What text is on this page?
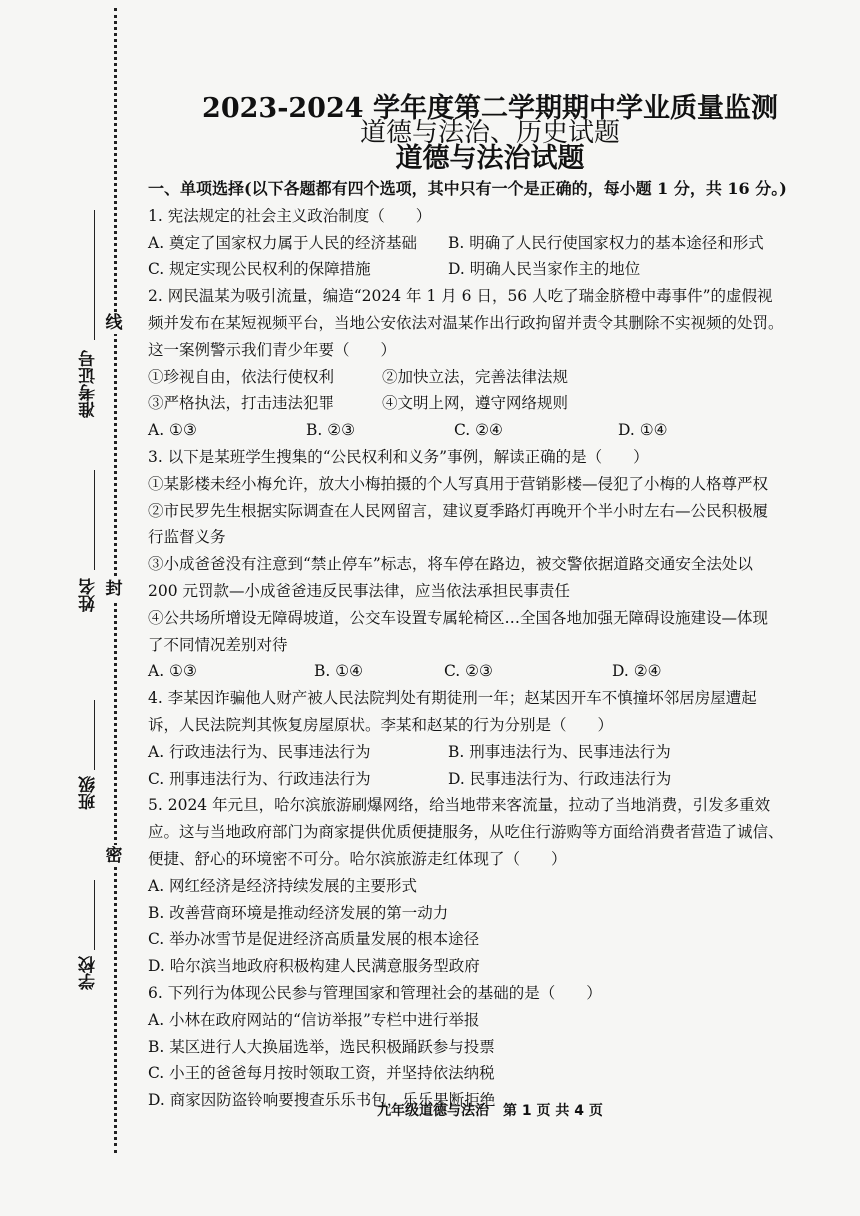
线
封
密
准考证号
姓名
班级
学校
2023-2024 学年度第二学期期中学业质量监测
道德与法治、历史试题
道德与法治试题

一、单项选择(以下各题都有四个选项，其中只有一个是正确的，每小题 1 分，共 16 分。)

1. 宪法规定的社会主义政治制度（　　）

A. 奠定了国家权力属于人民的经济基础	B. 明确了人民行使国家权力的基本途径和形式
C. 规定实现公民权利的保障措施	D. 明确人民当家作主的地位

2. 网民温某为吸引流量，编造“2024 年 1 月 6 日，56 人吃了瑞金脐橙中毒事件”的虚假视

频并发布在某短视频平台，当地公安依法对温某作出行政拘留并责令其删除不实视频的处罚。

这一案例警示我们青少年要（　　）

①珍视自由，依法行使权利	②加快立法，完善法律法规
③严格执法，打击违法犯罪	④文明上网，遵守网络规则
A. ①③	B. ②③	C. ②④	D. ①④

3. 以下是某班学生搜集的“公民权利和义务”事例，解读正确的是（　　）

①某影楼未经小梅允许，放大小梅拍摄的个人写真用于营销影楼—侵犯了小梅的人格尊严权

②市民罗先生根据实际调查在人民网留言，建议夏季路灯再晚开个半小时左右—公民积极履

行监督义务

③小成爸爸没有注意到“禁止停车”标志，将车停在路边，被交警依据道路交通安全法处以

200 元罚款—小成爸爸违反民事法律，应当依法承担民事责任

④公共场所增设无障碍坡道，公交车设置专属轮椅区…全国各地加强无障碍设施建设—体现

了不同情况差别对待

A. ①③	B. ①④	C. ②③	D. ②④

4. 李某因诈骗他人财产被人民法院判处有期徒刑一年；赵某因开车不慎撞坏邻居房屋遭起

诉，人民法院判其恢复房屋原状。李某和赵某的行为分别是（　　）

A. 行政违法行为、民事违法行为	B. 刑事违法行为、民事违法行为
C. 刑事违法行为、行政违法行为	D. 民事违法行为、行政违法行为

5. 2024 年元旦，哈尔滨旅游刷爆网络，给当地带来客流量，拉动了当地消费，引发多重效

应。这与当地政府部门为商家提供优质便捷服务，从吃住行游购等方面给消费者营造了诚信、

便捷、舒心的环境密不可分。哈尔滨旅游走红体现了（　　）

A. 网红经济是经济持续发展的主要形式

B. 改善营商环境是推动经济发展的第一动力

C. 举办冰雪节是促进经济高质量发展的根本途径

D. 哈尔滨当地政府积极构建人民满意服务型政府

6. 下列行为体现公民参与管理国家和管理社会的基础的是（　　）

A. 小林在政府网站的“信访举报”专栏中进行举报

B. 某区进行人大换届选举，选民积极踊跃参与投票

C. 小王的爸爸每月按时领取工资，并坚持依法纳税

D. 商家因防盗铃响要搜查乐乐书包，乐乐果断拒绝

九年级道德与法治　第 1 页 共 4 页
